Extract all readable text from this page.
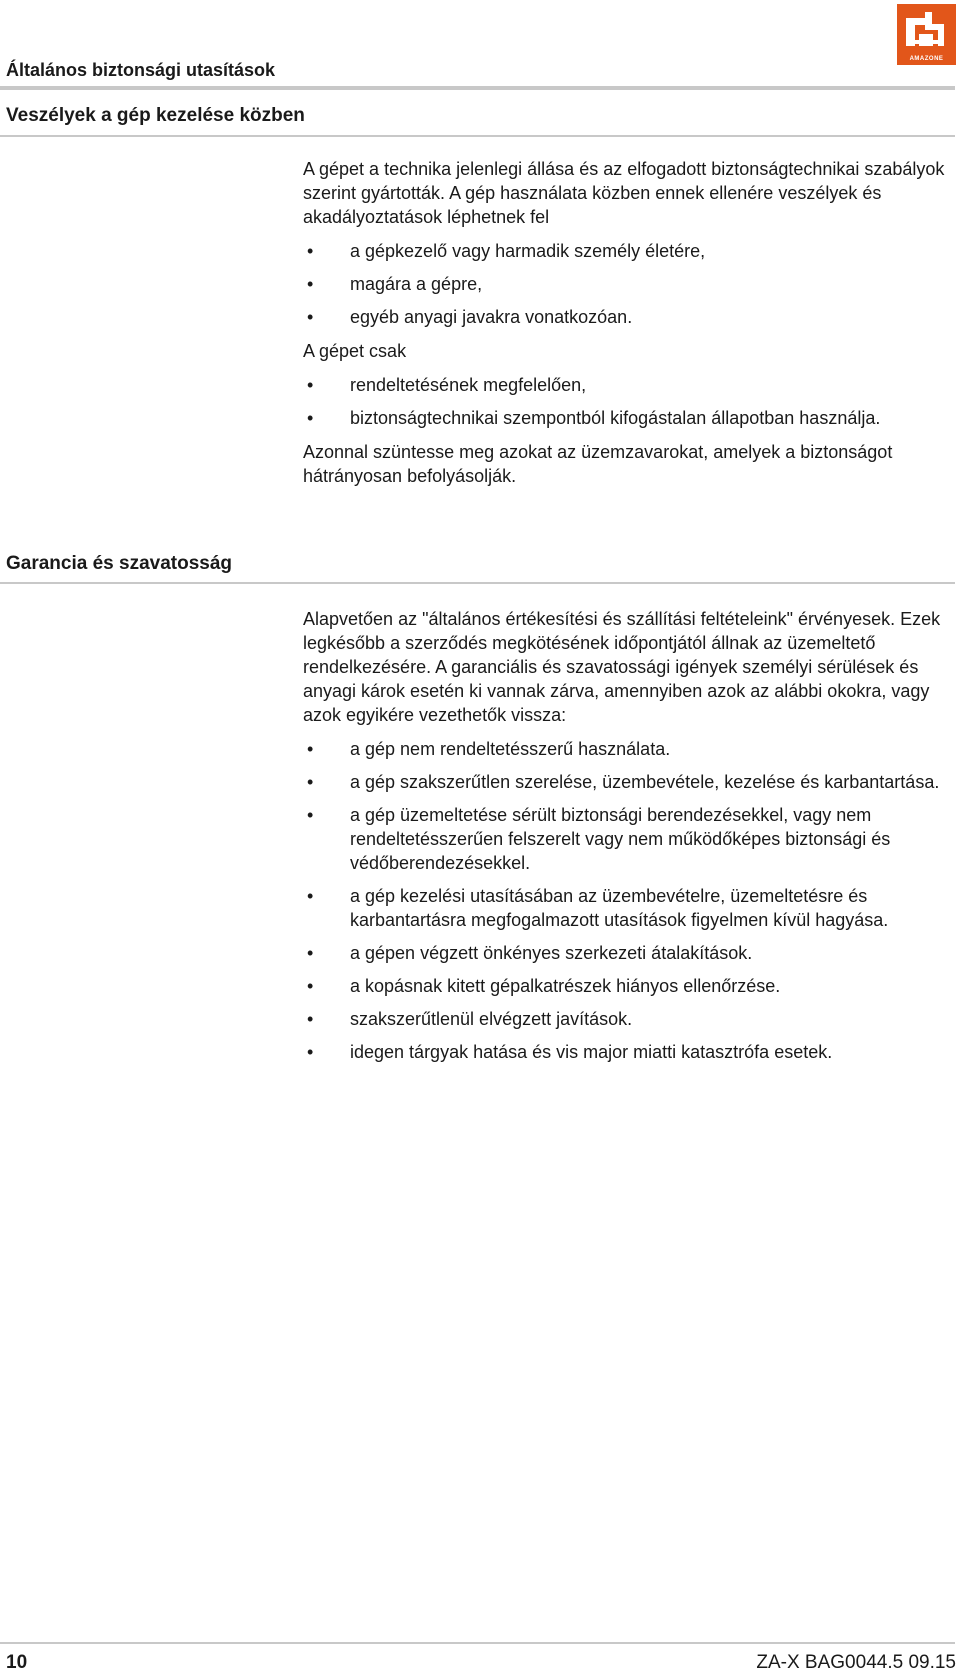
Általános biztonsági utasítások
AMAZONE
Veszélyek a gép kezelése közben

A gépet a technika jelenlegi állása és az elfogadott biztonságtechnikai szabályok szerint gyártották. A gép használata közben ennek ellenére veszélyek és akadályoztatások léphetnek fel

• a gépkezelő vagy harmadik személy életére,
• magára a gépre,
• egyéb anyagi javakra vonatkozóan.

A gépet csak

• rendeltetésének megfelelően,
• biztonságtechnikai szempontból kifogástalan állapotban használja.

Azonnal szüntesse meg azokat az üzemzavarokat, amelyek a biztonságot hátrányosan befolyásolják.

Garancia és szavatosság

Alapvetően az "általános értékesítési és szállítási feltételeink" érvényesek. Ezek legkésőbb a szerződés megkötésének időpontjától állnak az üzemeltető rendelkezésére. A garanciális és szavatossági igények személyi sérülések és anyagi károk esetén ki vannak zárva, amennyiben azok az alábbi okokra, vagy azok egyikére vezethetők vissza:

• a gép nem rendeltetésszerű használata.
• a gép szakszerűtlen szerelése, üzembevétele, kezelése és karbantartása.
• a gép üzemeltetése sérült biztonsági berendezésekkel, vagy nem rendeltetésszerűen felszerelt vagy nem működőképes biztonsági és védőberendezésekkel.
• a gép kezelési utasításában az üzembevételre, üzemeltetésre és karbantartásra megfogalmazott utasítások figyelmen kívül hagyása.
• a gépen végzett önkényes szerkezeti átalakítások.
• a kopásnak kitett gépalkatrészek hiányos ellenőrzése.
• szakszerűtlenül elvégzett javítások.
• idegen tárgyak hatása és vis major miatti katasztrófa esetek.
10	ZA-X BAG0044.5 09.15
